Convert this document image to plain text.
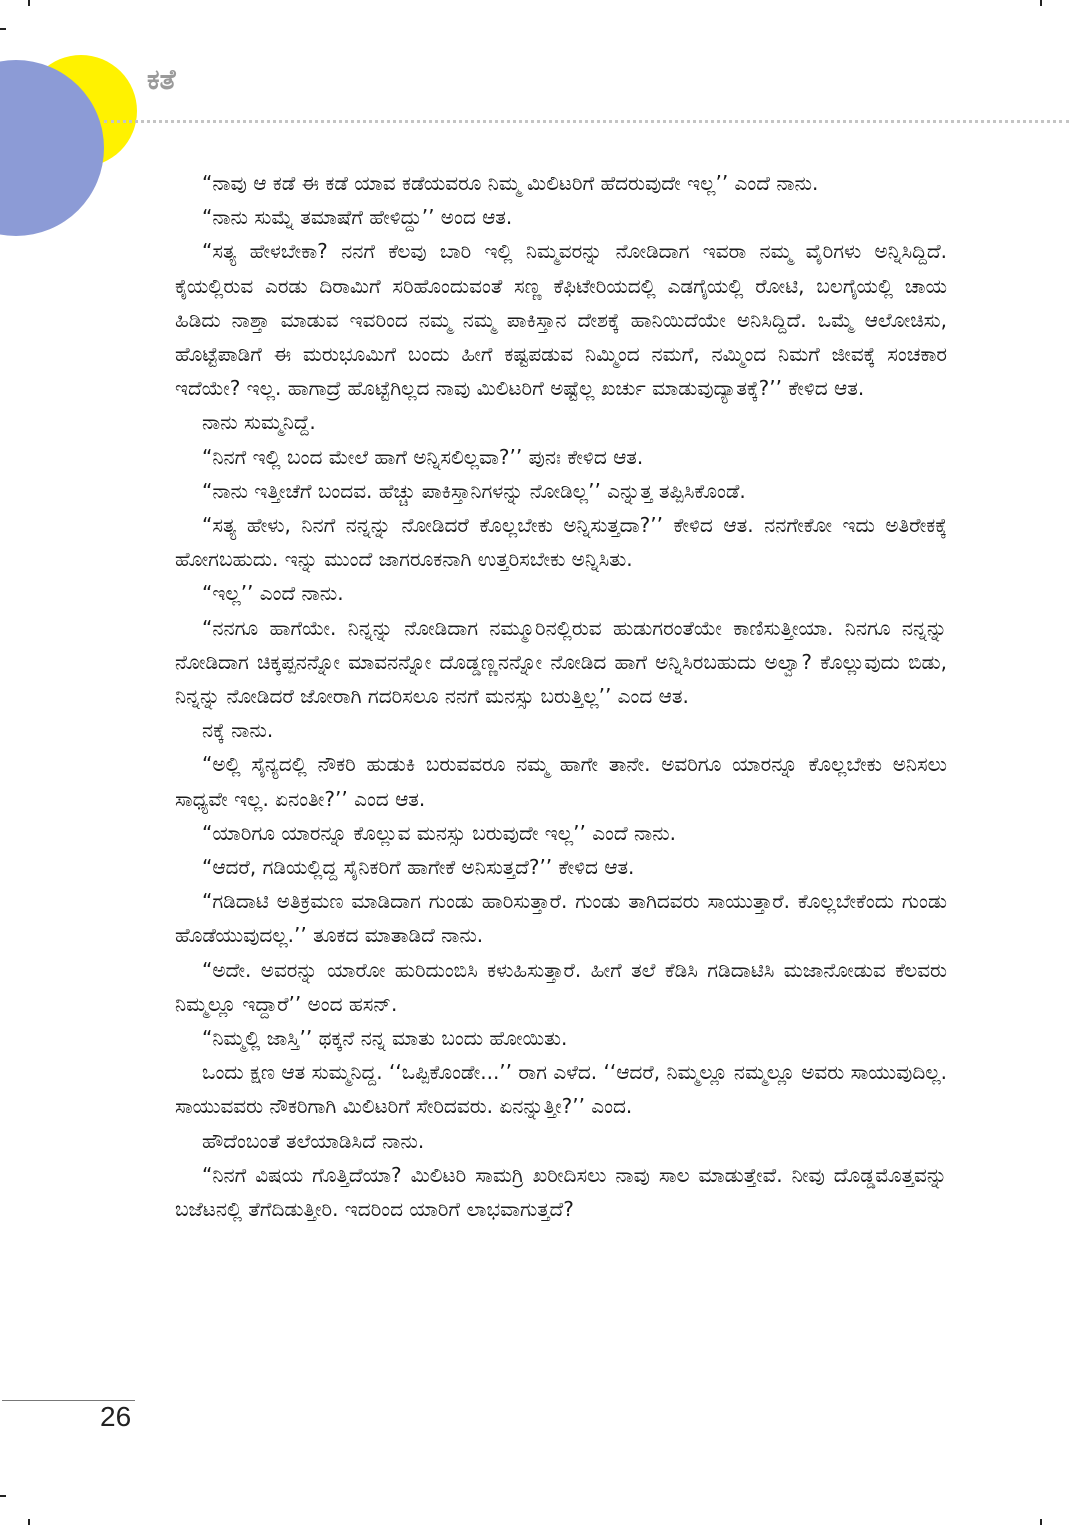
ಕತೆ

“ನಾವು ಆ ಕಡೆ ಈ ಕಡೆ ಯಾವ ಕಡೆಯವರೂ ನಿಮ್ಮ ಮಿಲಿಟರಿಗೆ ಹೆದರುವುದೇ ಇಲ್ಲ’’ ಎಂದೆ ನಾನು.

“ನಾನು ಸುಮ್ನೆ ತಮಾಷೆಗೆ ಹೇಳಿದ್ದು’’ ಅಂದ ಆತ.

“ಸತ್ಯ ಹೇಳಬೇಕಾ? ನನಗೆ ಕೆಲವು ಬಾರಿ ಇಲ್ಲಿ ನಿಮ್ಮವರನ್ನು ನೋಡಿದಾಗ ಇವರಾ ನಮ್ಮ ವೈರಿಗಳು ಅನ್ನಿಸಿದ್ದಿದೆ. ಕೈಯಲ್ಲಿರುವ ಎರಡು ದಿರಾಮಿಗೆ ಸರಿಹೊಂದುವಂತೆ ಸಣ್ಣ ಕೆಫಿಟೇರಿಯದಲ್ಲಿ ಎಡಗೈಯಲ್ಲಿ ರೋಟಿ, ಬಲಗೈಯಲ್ಲಿ ಚಾಯ ಹಿಡಿದು ನಾಶ್ತಾ ಮಾಡುವ ಇವರಿಂದ ನಮ್ಮ ನಮ್ಮ ಪಾಕಿಸ್ತಾನ ದೇಶಕ್ಕೆ ಹಾನಿಯಿದೆಯೇ ಅನಿಸಿದ್ದಿದೆ. ಒಮ್ಮೆ ಆಲೋಚಿಸು, ಹೊಟ್ಟೆಪಾಡಿಗೆ ಈ ಮರುಭೂಮಿಗೆ ಬಂದು ಹೀಗೆ ಕಷ್ಟಪಡುವ ನಿಮ್ಮಿಂದ ನಮಗೆ, ನಮ್ಮಿಂದ ನಿಮಗೆ ಜೀವಕ್ಕೆ ಸಂಚಕಾರ ಇದೆಯೇ? ಇಲ್ಲ. ಹಾಗಾದ್ರೆ ಹೊಟ್ಟೆಗಿಲ್ಲದ ನಾವು ಮಿಲಿಟರಿಗೆ ಅಷ್ಟೆಲ್ಲ ಖರ್ಚು ಮಾಡುವುದ್ಯಾತಕ್ಕೆ?’’ ಕೇಳಿದ ಆತ.

ನಾನು ಸುಮ್ಮನಿದ್ದೆ.

“ನಿನಗೆ ಇಲ್ಲಿ ಬಂದ ಮೇಲೆ ಹಾಗೆ ಅನ್ನಿಸಲಿಲ್ಲವಾ?’’ ಪುನಃ ಕೇಳಿದ ಆತ.

“ನಾನು ಇತ್ತೀಚೆಗೆ ಬಂದವ. ಹೆಚ್ಚು ಪಾಕಿಸ್ತಾನಿಗಳನ್ನು ನೋಡಿಲ್ಲ’’ ಎನ್ನುತ್ತ ತಪ್ಪಿಸಿಕೊಂಡೆ.

“ಸತ್ಯ ಹೇಳು, ನಿನಗೆ ನನ್ನನ್ನು ನೋಡಿದರೆ ಕೊಲ್ಲಬೇಕು ಅನ್ನಿಸುತ್ತದಾ?’’ ಕೇಳಿದ ಆತ. ನನಗೇಕೋ ಇದು ಅತಿರೇಕಕ್ಕೆ ಹೋಗಬಹುದು. ಇನ್ನು ಮುಂದೆ ಜಾಗರೂಕನಾಗಿ ಉತ್ತರಿಸಬೇಕು ಅನ್ನಿಸಿತು.

“ಇಲ್ಲ’’ ಎಂದೆ ನಾನು.

“ನನಗೂ ಹಾಗೆಯೇ. ನಿನ್ನನ್ನು ನೋಡಿದಾಗ ನಮ್ಮೂರಿನಲ್ಲಿರುವ ಹುಡುಗರಂತೆಯೇ ಕಾಣಿಸುತ್ತೀಯಾ. ನಿನಗೂ ನನ್ನನ್ನು ನೋಡಿದಾಗ ಚಿಕ್ಕಪ್ಪನನ್ನೋ ಮಾವನನ್ನೋ ದೊಡ್ಡಣ್ಣನನ್ನೋ ನೋಡಿದ ಹಾಗೆ ಅನ್ನಿಸಿರಬಹುದು ಅಲ್ವಾ? ಕೊಲ್ಲುವುದು ಬಿಡು, ನಿನ್ನನ್ನು ನೋಡಿದರೆ ಜೋರಾಗಿ ಗದರಿಸಲೂ ನನಗೆ ಮನಸ್ಸು ಬರುತ್ತಿಲ್ಲ’’ ಎಂದ ಆತ.

ನಕ್ಕೆ ನಾನು.

“ಅಲ್ಲಿ ಸೈನ್ಯದಲ್ಲಿ ನೌಕರಿ ಹುಡುಕಿ ಬರುವವರೂ ನಮ್ಮ ಹಾಗೇ ತಾನೇ. ಅವರಿಗೂ ಯಾರನ್ನೂ ಕೊಲ್ಲಬೇಕು ಅನಿಸಲು ಸಾಧ್ಯವೇ ಇಲ್ಲ. ಏನಂತೀ?’’ ಎಂದ ಆತ.

“ಯಾರಿಗೂ ಯಾರನ್ನೂ ಕೊಲ್ಲುವ ಮನಸ್ಸು ಬರುವುದೇ ಇಲ್ಲ’’ ಎಂದೆ ನಾನು.

“ಆದರೆ, ಗಡಿಯಲ್ಲಿದ್ದ ಸೈನಿಕರಿಗೆ ಹಾಗೇಕೆ ಅನಿಸುತ್ತದೆ?’’ ಕೇಳಿದ ಆತ.

“ಗಡಿದಾಟಿ ಅತಿಕ್ರಮಣ ಮಾಡಿದಾಗ ಗುಂಡು ಹಾರಿಸುತ್ತಾರೆ. ಗುಂಡು ತಾಗಿದವರು ಸಾಯುತ್ತಾರೆ. ಕೊಲ್ಲಬೇಕೆಂದು ಗುಂಡು ಹೊಡೆಯುವುದಲ್ಲ.’’ ತೂಕದ ಮಾತಾಡಿದೆ ನಾನು.

“ಅದೇ. ಅವರನ್ನು ಯಾರೋ ಹುರಿದುಂಬಿಸಿ ಕಳುಹಿಸುತ್ತಾರೆ. ಹೀಗೆ ತಲೆ ಕೆಡಿಸಿ ಗಡಿದಾಟಿಸಿ ಮಜಾನೋಡುವ ಕೆಲವರು ನಿಮ್ಮಲ್ಲೂ ಇದ್ದಾರೆ’’ ಅಂದ ಹಸನ್.

“ನಿಮ್ಮಲ್ಲಿ ಜಾಸ್ತಿ’’ ಥಕ್ಕನೆ ನನ್ನ ಮಾತು ಬಂದು ಹೋಯಿತು.

ಒಂದು ಕ್ಷಣ ಆತ ಸುಮ್ಮನಿದ್ದ. ‘‘ಒಪ್ಪಿಕೊಂಡೇ...’’ ರಾಗ ಎಳೆದ. ‘‘ಆದರೆ, ನಿಮ್ಮಲ್ಲೂ ನಮ್ಮಲ್ಲೂ ಅವರು ಸಾಯುವುದಿಲ್ಲ. ಸಾಯುವವರು ನೌಕರಿಗಾಗಿ ಮಿಲಿಟರಿಗೆ ಸೇರಿದವರು. ಏನನ್ನುತ್ತೀ?’’ ಎಂದ.

ಹೌದೆಂಬಂತೆ ತಲೆಯಾಡಿಸಿದೆ ನಾನು.

“ನಿನಗೆ ವಿಷಯ ಗೊತ್ತಿದೆಯಾ? ಮಿಲಿಟರಿ ಸಾಮಗ್ರಿ ಖರೀದಿಸಲು ನಾವು ಸಾಲ ಮಾಡುತ್ತೇವೆ. ನೀವು ದೊಡ್ಡಮೊತ್ತವನ್ನು ಬಜೆಟನಲ್ಲಿ ತೆಗೆದಿಡುತ್ತೀರಿ. ಇದರಿಂದ ಯಾರಿಗೆ ಲಾಭವಾಗುತ್ತದೆ?

26
